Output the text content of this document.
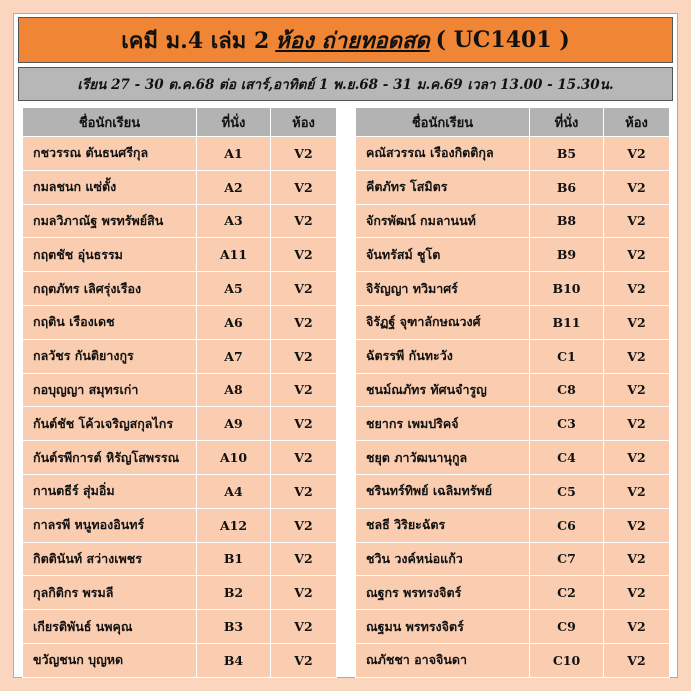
เคมี ม.4 เล่ม 2 ห้อง ถ่ายทอดสด ( UC1401 )
เรียน 27 - 30 ต.ค.68 ต่อ เสาร์,อาทิตย์ 1 พ.ย.68 - 31 ม.ค.69 เวลา 13.00 - 15.30น.
ชื่อนักเรียน	ที่นั่ง	ห้อง
กชวรรณ ตันธนศรีกุล	A1	V2
กมลชนก แซ่ตั้ง	A2	V2
กมลวิภาณัฐ พรทรัพย์สิน	A3	V2
กฤตชัช อุ่นธรรม	A11	V2
กฤตภัทร เลิศรุ่งเรือง	A5	V2
กฤติน เรืองเดช	A6	V2
กลวัชร กันติยางกูร	A7	V2
กอบุญญา สมุทรเก่า	A8	V2
กันต์ชัช โค้วเจริญสกุลไกร	A9	V2
กันต์รพีการต์ หิรัญโสพรรณ	A10	V2
กานตธีร์ สุ่มอิ่ม	A4	V2
กาลรพี หนูทองอินทร์	A12	V2
กิตตินันท์ สว่างเพชร	B1	V2
กุลกิติกร พรมลี	B2	V2
เกียรติพันธ์ นพคุณ	B3	V2
ขวัญชนก บุญหด	B4	V2
ชื่อนักเรียน	ที่นั่ง	ห้อง
คณัสวรรณ เรืองกิตติกุล	B5	V2
คีตภัทร โสมิตร	B6	V2
จักรพัฒน์ กมลานนท์	B8	V2
จันทรัสม์ ชูโต	B9	V2
จิรัญญา ทวิมาศร์	B10	V2
จิรัฏฐ์ จุฑาลักษณวงศ์	B11	V2
ฉัตรรพี กันทะวัง	C1	V2
ชนม์ณภัทร ทัศนจำรูญ	C8	V2
ชยากร เพมปริคจ์	C3	V2
ชยุต ภาวัฒนานุกูล	C4	V2
ชรินทร์ทิพย์ เฉลิมทรัพย์	C5	V2
ชลธี วิริยะฉัตร	C6	V2
ชวิน วงค์หน่อแก้ว	C7	V2
ณฐกร พรทรงจิตร์	C2	V2
ณฐมน พรทรงจิตร์	C9	V2
ณภัชชา อาจจินดา	C10	V2
